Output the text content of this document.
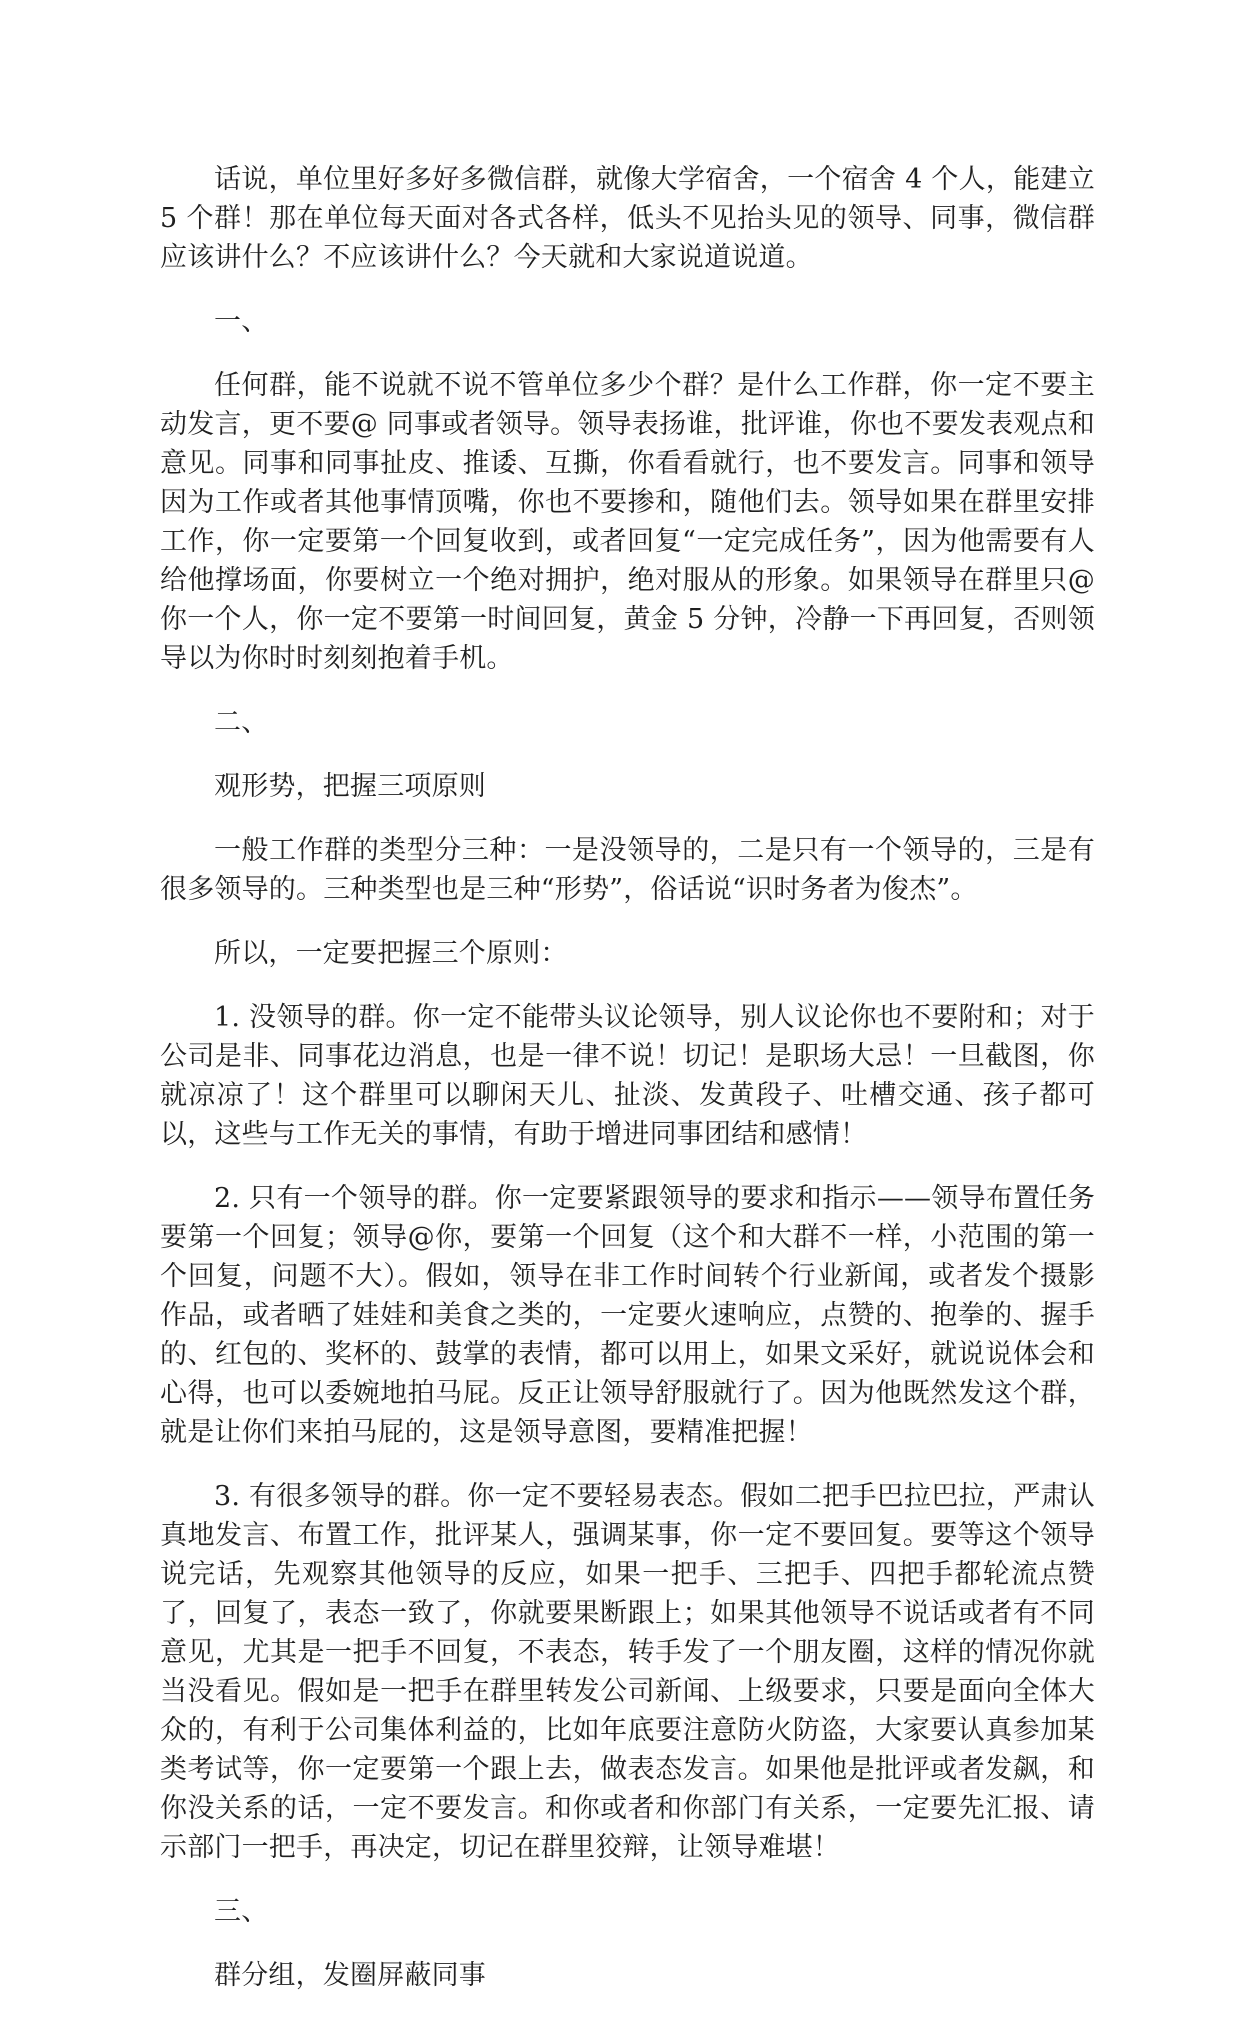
话说，单位里好多好多微信群，就像大学宿舍，一个宿舍 4 个人，能建立 5 个群！那在单位每天面对各式各样，低头不见抬头见的领导、同事，微信群应该讲什么？不应该讲什么？今天就和大家说道说道。

一、

任何群，能不说就不说不管单位多少个群？是什么工作群，你一定不要主动发言，更不要@ 同事或者领导。领导表扬谁，批评谁，你也不要发表观点和意见。同事和同事扯皮、推诿、互撕，你看看就行，也不要发言。同事和领导因为工作或者其他事情顶嘴，你也不要掺和，随他们去。领导如果在群里安排工作，你一定要第一个回复收到，或者回复“一定完成任务”，因为他需要有人给他撑场面，你要树立一个绝对拥护，绝对服从的形象。如果领导在群里只@ 你一个人，你一定不要第一时间回复，黄金 5 分钟，冷静一下再回复，否则领导以为你时时刻刻抱着手机。

二、

观形势，把握三项原则

一般工作群的类型分三种：一是没领导的，二是只有一个领导的，三是有很多领导的。三种类型也是三种“形势”，俗话说“识时务者为俊杰”。

所以，一定要把握三个原则：

1. 没领导的群。你一定不能带头议论领导，别人议论你也不要附和；对于公司是非、同事花边消息，也是一律不说！切记！是职场大忌！一旦截图，你就凉凉了！这个群里可以聊闲天儿、扯淡、发黄段子、吐槽交通、孩子都可以，这些与工作无关的事情，有助于增进同事团结和感情！

2. 只有一个领导的群。你一定要紧跟领导的要求和指示——领导布置任务要第一个回复；领导@你，要第一个回复（这个和大群不一样，小范围的第一个回复，问题不大）。假如，领导在非工作时间转个行业新闻，或者发个摄影作品，或者晒了娃娃和美食之类的，一定要火速响应，点赞的、抱拳的、握手的、红包的、奖杯的、鼓掌的表情，都可以用上，如果文采好，就说说体会和心得，也可以委婉地拍马屁。反正让领导舒服就行了。因为他既然发这个群，就是让你们来拍马屁的，这是领导意图，要精准把握！

3. 有很多领导的群。你一定不要轻易表态。假如二把手巴拉巴拉，严肃认真地发言、布置工作，批评某人，强调某事，你一定不要回复。要等这个领导说完话，先观察其他领导的反应，如果一把手、三把手、四把手都轮流点赞了，回复了，表态一致了，你就要果断跟上；如果其他领导不说话或者有不同意见，尤其是一把手不回复，不表态，转手发了一个朋友圈，这样的情况你就当没看见。假如是一把手在群里转发公司新闻、上级要求，只要是面向全体大众的，有利于公司集体利益的，比如年底要注意防火防盗，大家要认真参加某类考试等，你一定要第一个跟上去，做表态发言。如果他是批评或者发飙，和你没关系的话，一定不要发言。和你或者和你部门有关系，一定要先汇报、请示部门一把手，再决定，切记在群里狡辩，让领导难堪！

三、

群分组，发圈屏蔽同事
